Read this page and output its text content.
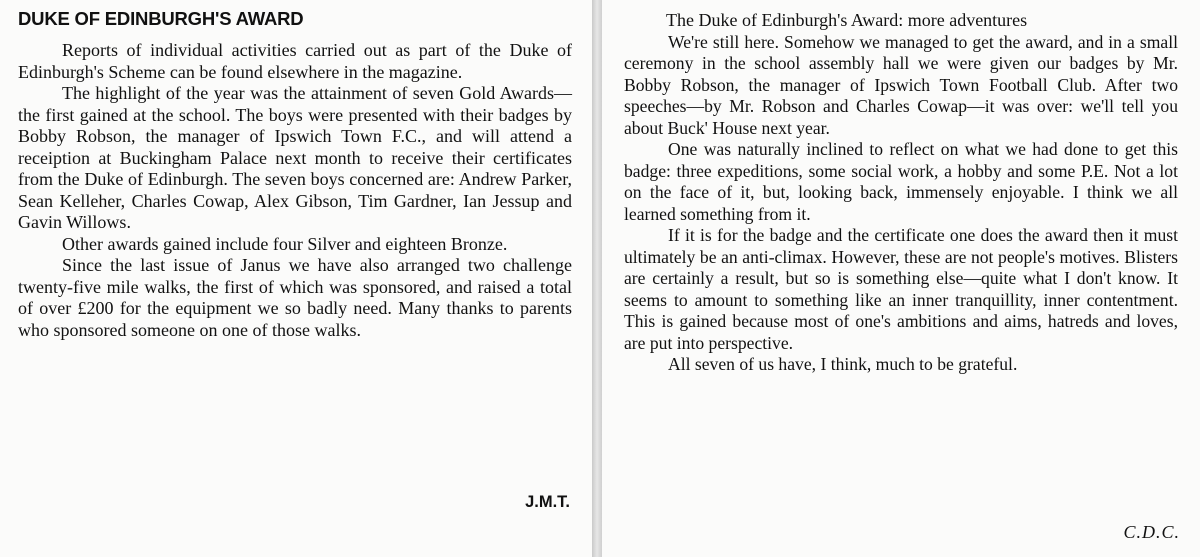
DUKE OF EDINBURGH'S AWARD

Reports of individual activities carried out as part of the Duke of Edinburgh's Scheme can be found elsewhere in the magazine.

The highlight of the year was the attainment of seven Gold Awards—the first gained at the school. The boys were presented with their badges by Bobby Robson, the manager of Ipswich Town F.C., and will attend a receiption at Buckingham Palace next month to receive their certificates from the Duke of Edinburgh. The seven boys concerned are: Andrew Parker, Sean Kelleher, Charles Cowap, Alex Gibson, Tim Gardner, Ian Jessup and Gavin Willows.

Other awards gained include four Silver and eighteen Bronze.

Since the last issue of Janus we have also arranged two challenge twenty-five mile walks, the first of which was sponsored, and raised a total of over £200 for the equipment we so badly need. Many thanks to parents who sponsored someone on one of those walks.

J.M.T.
The Duke of Edinburgh's Award: more adventures

We're still here. Somehow we managed to get the award, and in a small ceremony in the school assembly hall we were given our badges by Mr. Bobby Robson, the manager of Ipswich Town Football Club. After two speeches—by Mr. Robson and Charles Cowap—it was over: we'll tell you about Buck' House next year.

One was naturally inclined to reflect on what we had done to get this badge: three expeditions, some social work, a hobby and some P.E. Not a lot on the face of it, but, looking back, immensely enjoyable. I think we all learned something from it.

If it is for the badge and the certificate one does the award then it must ultimately be an anti-climax. However, these are not people's motives. Blisters are certainly a result, but so is something else—quite what I don't know. It seems to amount to something like an inner tranquillity, inner contentment. This is gained because most of one's ambitions and aims, hatreds and loves, are put into perspective.

All seven of us have, I think, much to be grateful.

C.D.C.
